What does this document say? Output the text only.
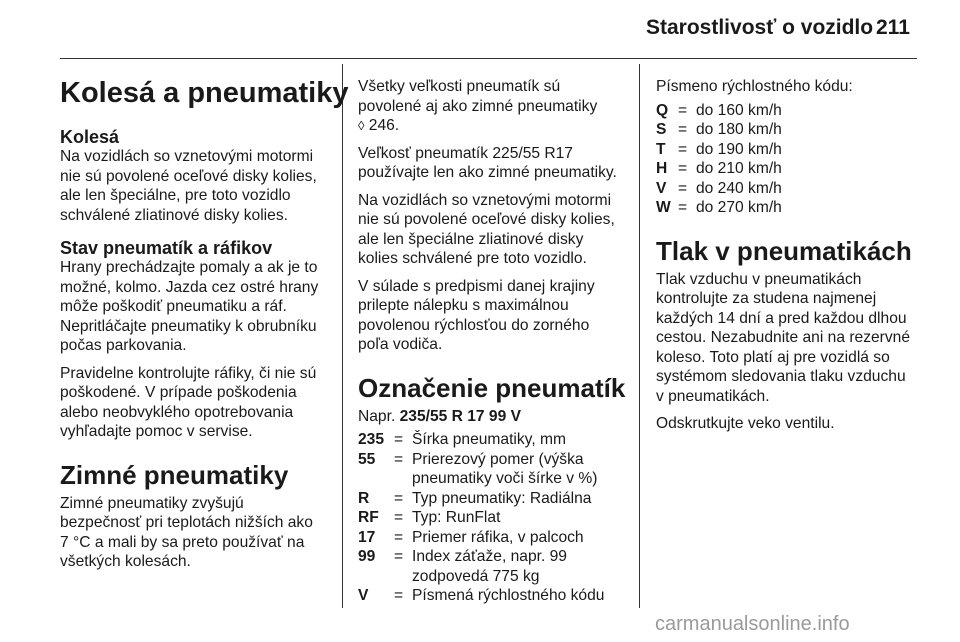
Starostlivosť o vozidlo 211
Kolesá a pneumatiky
Kolesá

Na vozidlách so vznetovými motormi
nie sú povolené oceľové disky kolies,
ale len špeciálne, pre toto vozidlo
schválené zliatinové disky kolies.

Stav pneumatík a ráfikov

Hrany prechádzajte pomaly a ak je to
možné, kolmo. Jazda cez ostré hrany
môže poškodiť pneumatiku a ráf.
Nepritláčajte pneumatiky k obrubníku
počas parkovania.

Pravidelne kontrolujte ráfiky, či nie sú
poškodené. V prípade poškodenia
alebo neobvyklého opotrebovania
vyhľadajte pomoc v servise.

Zimné pneumatiky

Zimné pneumatiky zvyšujú
bezpečnosť pri teplotách nižších ako
7 °C a mali by sa preto používať na
všetkých kolesách.

Všetky veľkosti pneumatík sú
povolené aj ako zimné pneumatiky
◊ 246.

Veľkosť pneumatík 225/55 R17
používajte len ako zimné pneumatiky.

Na vozidlách so vznetovými motormi
nie sú povolené oceľové disky kolies,
ale len špeciálne zliatinové disky
kolies schválené pre toto vozidlo.

V súlade s predpismi danej krajiny
prilepte nálepku s maximálnou
povolenou rýchlosťou do zorného
poľa vodiča.

Označenie pneumatík

Napr. 235/55 R 17 99 V

235	=	Šírka pneumatiky, mm
55	=	Prierezový pomer (výška
pneumatiky voči šírke v %)
R	=	Typ pneumatiky: Radiálna
RF	=	Typ: RunFlat
17	=	Priemer ráfika, v palcoch
99	=	Index záťaže, napr. 99
zodpovedá 775 kg
V	=	Písmená rýchlostného kódu

Písmeno rýchlostného kódu:

Q	=	do 160 km/h
S	=	do 180 km/h
T	=	do 190 km/h
H	=	do 210 km/h
V	=	do 240 km/h
W	=	do 270 km/h
Tlak v pneumatikách

Tlak vzduchu v pneumatikách
kontrolujte za studena najmenej
každých 14 dní a pred každou dlhou
cestou. Nezabudnite ani na rezervné
koleso. Toto platí aj pre vozidlá so
systémom sledovania tlaku vzduchu
v pneumatikách.

Odskrutkujte veko ventilu.

carmanualsonline.info
